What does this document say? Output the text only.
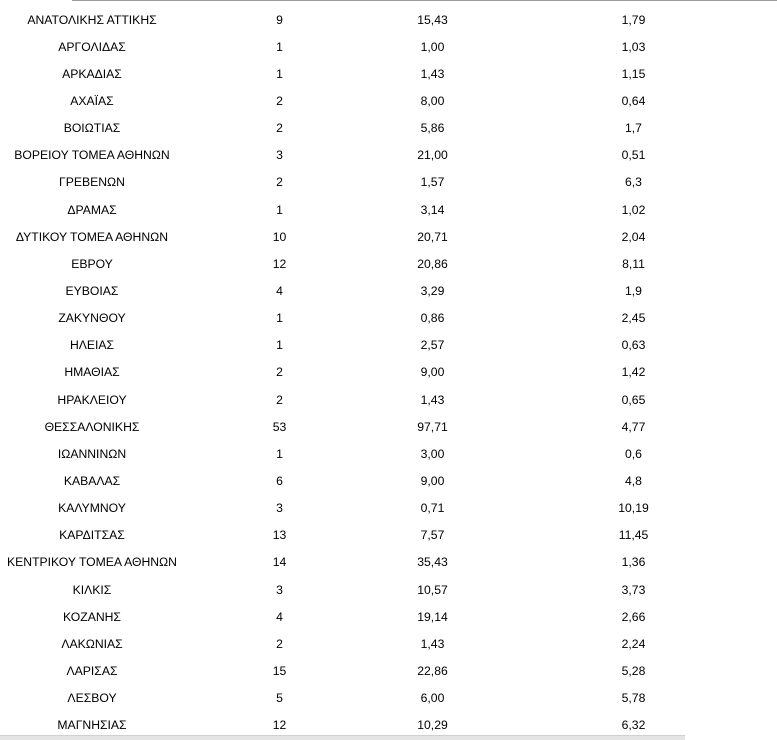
ΑΝΑΤΟΛΙΚΗΣ ΑΤΤΙΚΗΣ	9	15,43	1,79
ΑΡΓΟΛΙΔΑΣ	1	1,00	1,03
ΑΡΚΑΔΙΑΣ	1	1,43	1,15
ΑΧΑΪΑΣ	2	8,00	0,64
ΒΟΙΩΤΙΑΣ	2	5,86	1,7
ΒΟΡΕΙΟΥ ΤΟΜΕΑ ΑΘΗΝΩΝ	3	21,00	0,51
ΓΡΕΒΕΝΩΝ	2	1,57	6,3
ΔΡΑΜΑΣ	1	3,14	1,02
ΔΥΤΙΚΟΥ ΤΟΜΕΑ ΑΘΗΝΩΝ	10	20,71	2,04
ΕΒΡΟΥ	12	20,86	8,11
ΕΥΒΟΙΑΣ	4	3,29	1,9
ΖΑΚΥΝΘΟΥ	1	0,86	2,45
ΗΛΕΙΑΣ	1	2,57	0,63
ΗΜΑΘΙΑΣ	2	9,00	1,42
ΗΡΑΚΛΕΙΟΥ	2	1,43	0,65
ΘΕΣΣΑΛΟΝΙΚΗΣ	53	97,71	4,77
ΙΩΑΝΝΙΝΩΝ	1	3,00	0,6
ΚΑΒΑΛΑΣ	6	9,00	4,8
ΚΑΛΥΜΝΟΥ	3	0,71	10,19
ΚΑΡΔΙΤΣΑΣ	13	7,57	11,45
ΚΕΝΤΡΙΚΟΥ ΤΟΜΕΑ ΑΘΗΝΩΝ	14	35,43	1,36
ΚΙΛΚΙΣ	3	10,57	3,73
ΚΟΖΑΝΗΣ	4	19,14	2,66
ΛΑΚΩΝΙΑΣ	2	1,43	2,24
ΛΑΡΙΣΑΣ	15	22,86	5,28
ΛΕΣΒΟΥ	5	6,00	5,78
ΜΑΓΝΗΣΙΑΣ	12	10,29	6,32
